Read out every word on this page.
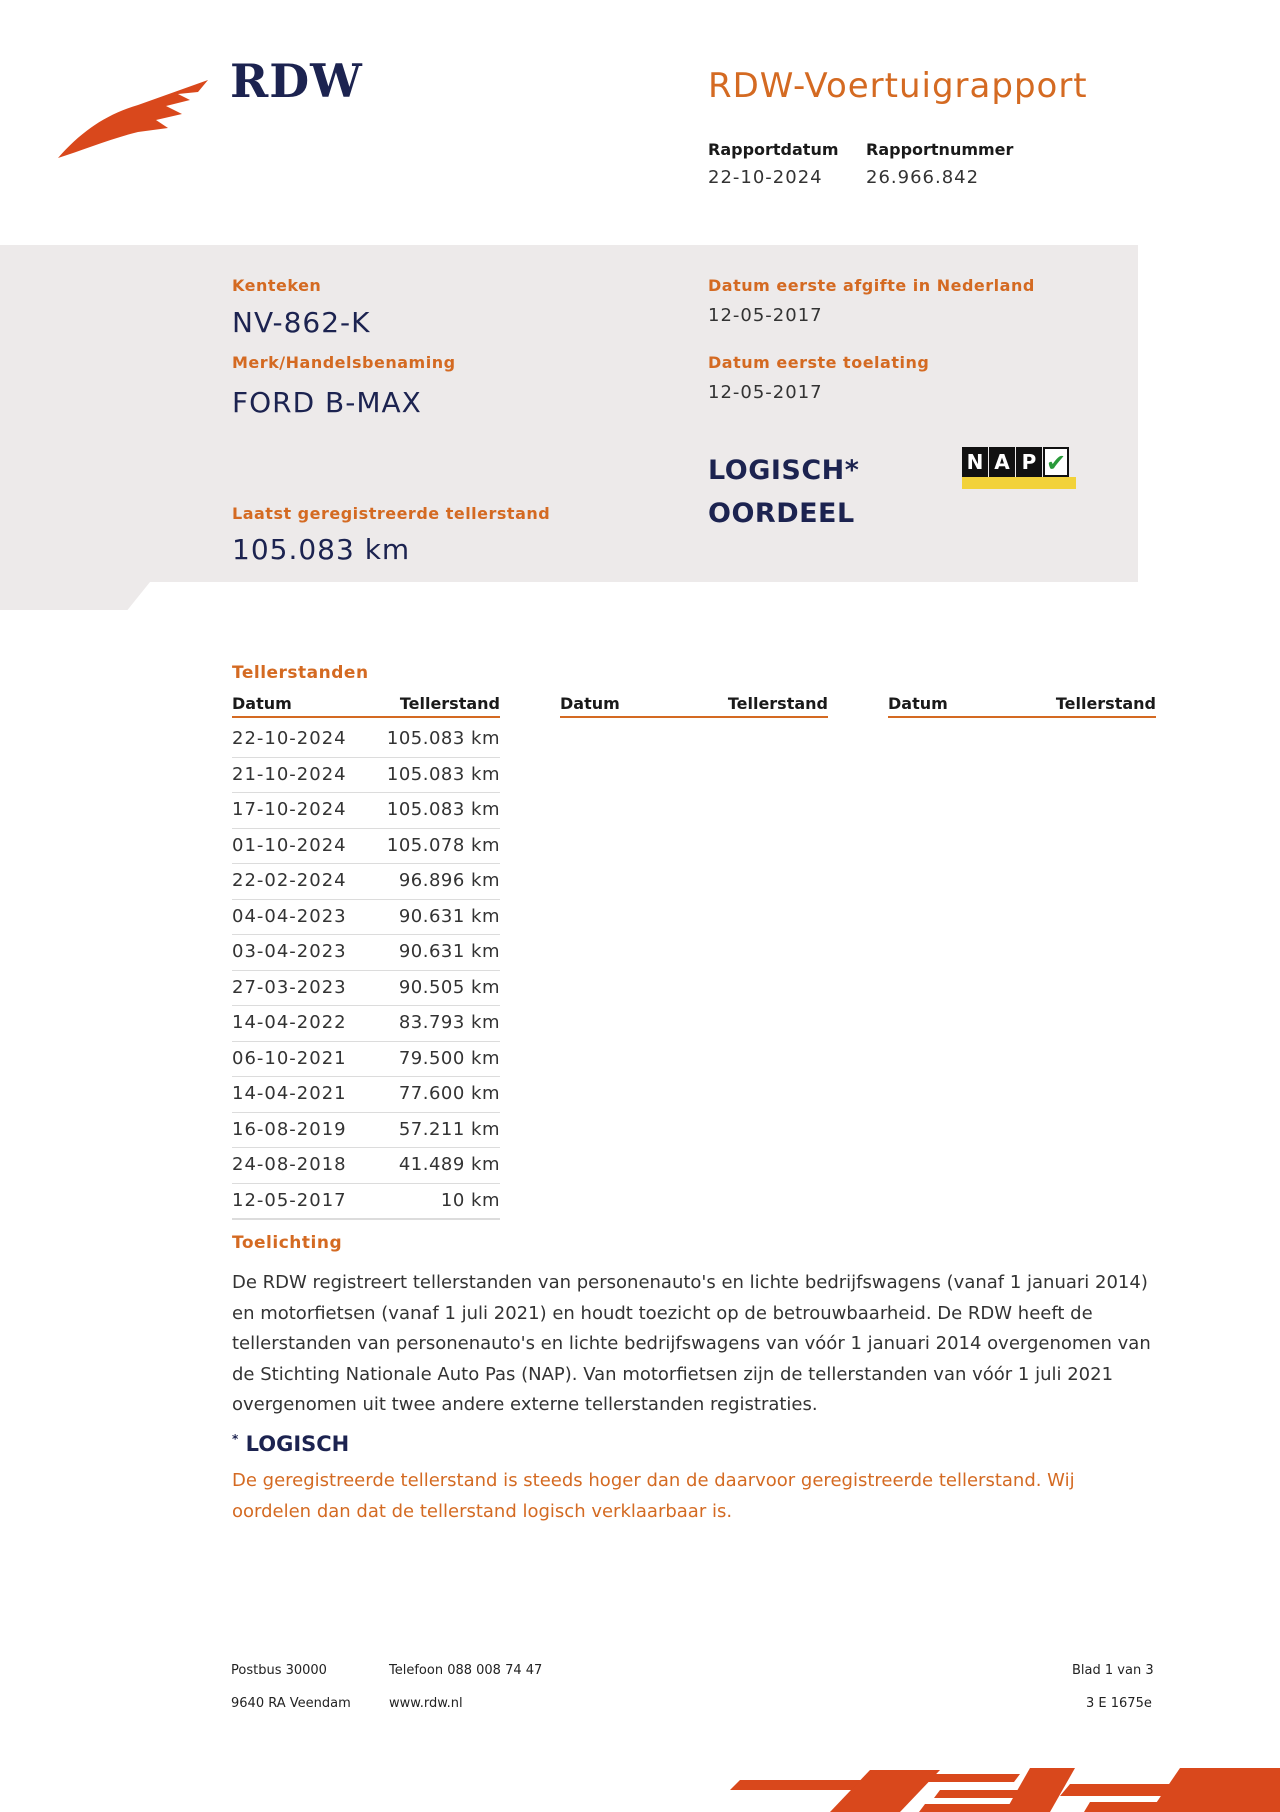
RDW	RDW-Voertuigrapport
Rapportdatum
22-10-2024
Rapportnummer
26.966.842
Kenteken
NV-862-K
Merk/Handelsbenaming
FORD B-MAX
Datum eerste afgifte in Nederland
12-05-2017
Datum eerste toelating
12-05-2017
LOGISCH*
OORDEEL
N A P ✔
Laatst geregistreerde tellerstand
105.083 km
Tellerstanden
Datum	Tellerstand	Datum	Tellerstand	Datum	Tellerstand
22-10-2024 105.083 km
21-10-2024 105.083 km
17-10-2024 105.083 km
01-10-2024 105.078 km
22-02-2024	96.896 km
04-04-2023	90.631 km
03-04-2023	90.631 km
27-03-2023	90.505 km
14-04-2022	83.793 km
06-10-2021	79.500 km
14-04-2021	77.600 km
16-08-2019	57.211 km
24-08-2018	41.489 km
12-05-2017	10 km
Toelichting
De RDW registreert tellerstanden van personenauto's en lichte bedrijfswagens (vanaf 1 januari 2014) en motorfietsen (vanaf 1 juli 2021) en houdt toezicht op de betrouwbaarheid. De RDW heeft de tellerstanden van personenauto's en lichte bedrijfswagens van vóór 1 januari 2014 overgenomen van de Stichting Nationale Auto Pas (NAP). Van motorfietsen zijn de tellerstanden van vóór 1 juli 2021 overgenomen uit twee andere externe tellerstanden registraties.
* LOGISCH
De geregistreerde tellerstand is steeds hoger dan de daarvoor geregistreerde tellerstand. Wij oordelen dan dat de tellerstand logisch verklaarbaar is.
Postbus 30000	Telefoon 088 008 74 47
9640 RA Veendam	www.rdw.nl
Blad 1 van 3
3 E 1675e
